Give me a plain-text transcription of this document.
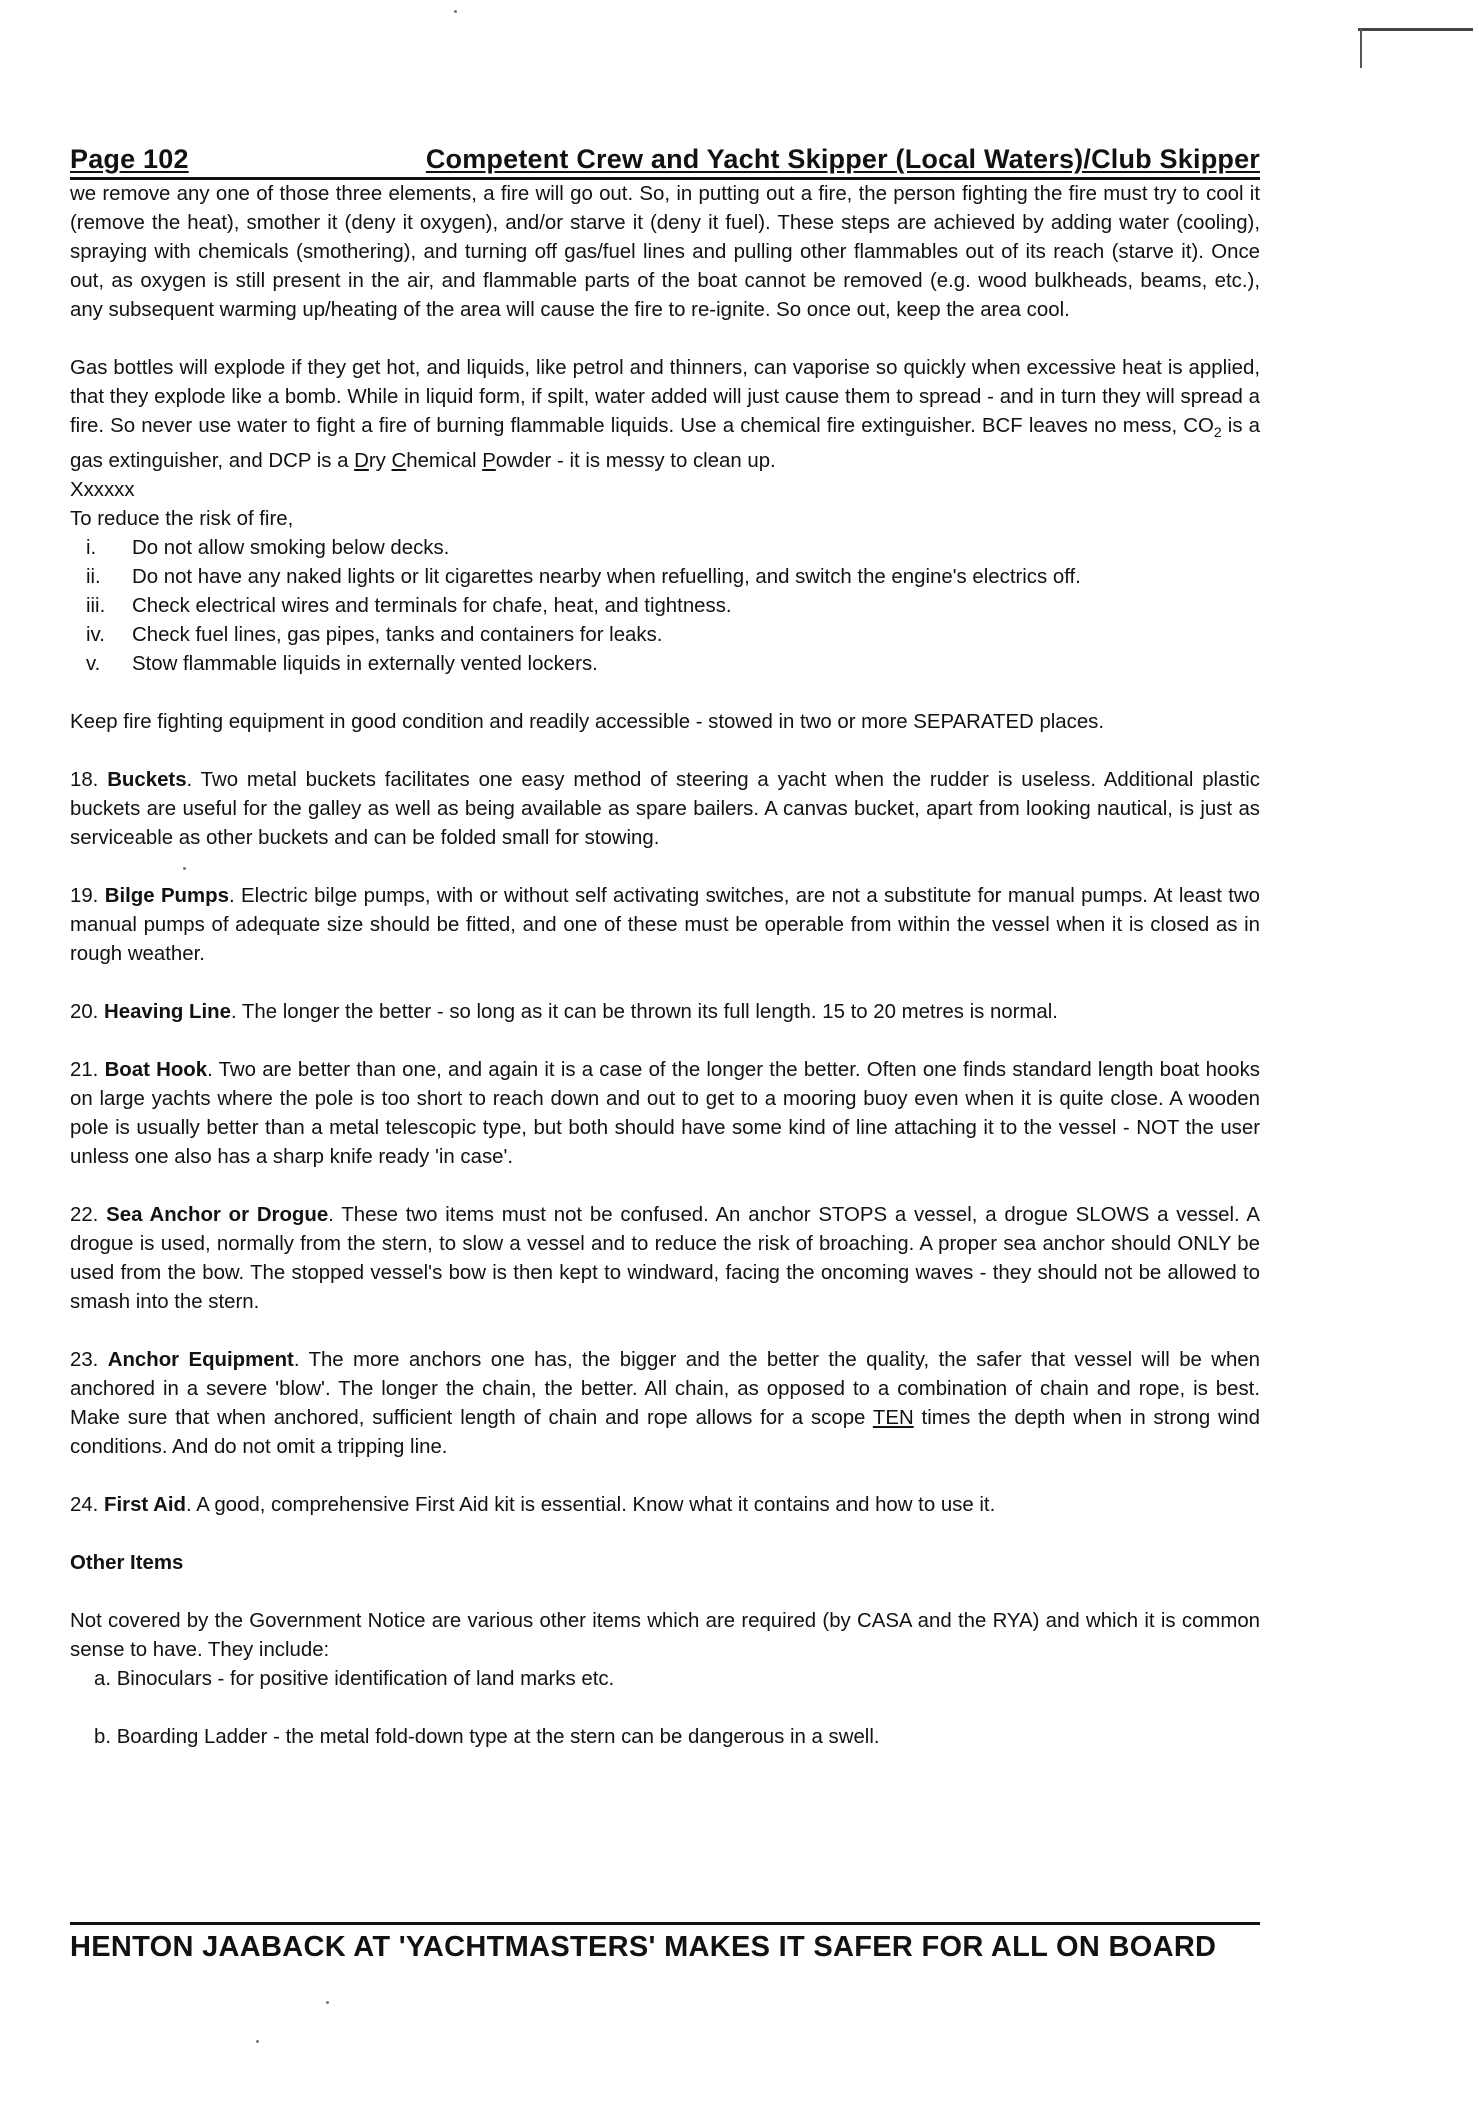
Page 102	Competent Crew and Yacht Skipper (Local Waters)/Club Skipper

we remove any one of those three elements, a fire will go out. So, in putting out a fire, the person fighting the fire must try to cool it (remove the heat), smother it (deny it oxygen), and/or starve it (deny it fuel). These steps are achieved by adding water (cooling), spraying with chemicals (smothering), and turning off gas/fuel lines and pulling other flammables out of its reach (starve it). Once out, as oxygen is still present in the air, and flammable parts of the boat cannot be removed (e.g. wood bulkheads, beams, etc.), any subsequent warming up/heating of the area will cause the fire to re-ignite. So once out, keep the area cool.

Gas bottles will explode if they get hot, and liquids, like petrol and thinners, can vaporise so quickly when excessive heat is applied, that they explode like a bomb. While in liquid form, if spilt, water added will just cause them to spread - and in turn they will spread a fire. So never use water to fight a fire of burning flammable liquids. Use a chemical fire extinguisher. BCF leaves no mess, $CO_2$ is a gas extinguisher, and DCP is a Dry Chemical Powder - it is messy to clean up.

Xxxxxx

To reduce the risk of fire,

i.	Do not allow smoking below decks.
ii.	Do not have any naked lights or lit cigarettes nearby when refuelling, and switch the engine's electrics off.
iii.	Check electrical wires and terminals for chafe, heat, and tightness.
iv.	Check fuel lines, gas pipes, tanks and containers for leaks.
v.	Stow flammable liquids in externally vented lockers.

Keep fire fighting equipment in good condition and readily accessible - stowed in two or more SEPARATED places.

18. Buckets. Two metal buckets facilitates one easy method of steering a yacht when the rudder is useless. Additional plastic buckets are useful for the galley as well as being available as spare bailers. A canvas bucket, apart from looking nautical, is just as serviceable as other buckets and can be folded small for stowing.

19. Bilge Pumps. Electric bilge pumps, with or without self activating switches, are not a substitute for manual pumps. At least two manual pumps of adequate size should be fitted, and one of these must be operable from within the vessel when it is closed as in rough weather.

20. Heaving Line. The longer the better - so long as it can be thrown its full length. 15 to 20 metres is normal.

21. Boat Hook. Two are better than one, and again it is a case of the longer the better. Often one finds standard length boat hooks on large yachts where the pole is too short to reach down and out to get to a mooring buoy even when it is quite close. A wooden pole is usually better than a metal telescopic type, but both should have some kind of line attaching it to the vessel - NOT the user unless one also has a sharp knife ready 'in case'.

22. Sea Anchor or Drogue. These two items must not be confused. An anchor STOPS a vessel, a drogue SLOWS a vessel. A drogue is used, normally from the stern, to slow a vessel and to reduce the risk of broaching. A proper sea anchor should ONLY be used from the bow. The stopped vessel's bow is then kept to windward, facing the oncoming waves - they should not be allowed to smash into the stern.

23. Anchor Equipment. The more anchors one has, the bigger and the better the quality, the safer that vessel will be when anchored in a severe 'blow'. The longer the chain, the better. All chain, as opposed to a combination of chain and rope, is best. Make sure that when anchored, sufficient length of chain and rope allows for a scope TEN times the depth when in strong wind conditions. And do not omit a tripping line.

24. First Aid. A good, comprehensive First Aid kit is essential. Know what it contains and how to use it.

Other Items

Not covered by the Government Notice are various other items which are required (by CASA and the RYA) and which it is common sense to have. They include:

a. Binoculars - for positive identification of land marks etc.
b. Boarding Ladder - the metal fold-down type at the stern can be dangerous in a swell.
HENTON JAABACK AT 'YACHTMASTERS' MAKES IT SAFER FOR ALL ON BOARD
